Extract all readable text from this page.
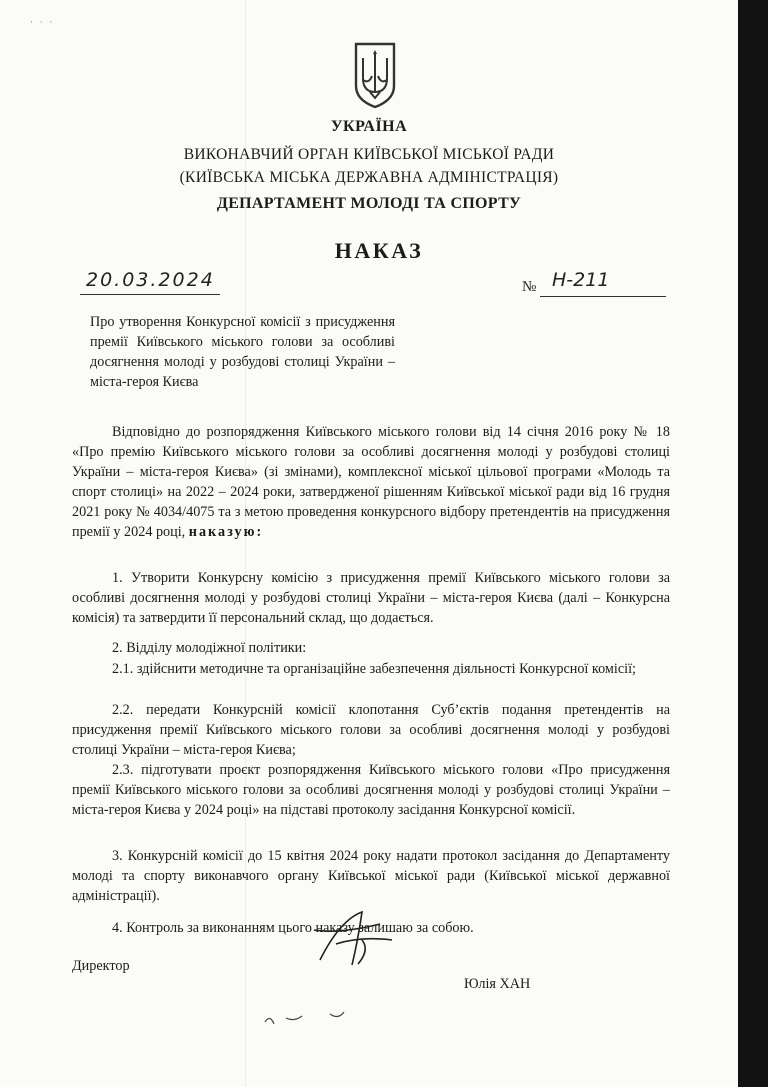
· · ·
УКРАЇНА
ВИКОНАВЧИЙ ОРГАН КИЇВСЬКОЇ МІСЬКОЇ РАДИ
(КИЇВСЬКА МІСЬКА ДЕРЖАВНА АДМІНІСТРАЦІЯ)
ДЕПАРТАМЕНТ МОЛОДІ ТА СПОРТУ
НАКАЗ
20.03.2024	№ Н-211
Про утворення Конкурсної комісії з присудження премії Київського міського голови за особливі досягнення молоді у розбудові столиці України – міста-героя Києва
Відповідно до розпорядження Київського міського голови від 14 січня 2016 року № 18 «Про премію Київського міського голови за особливі досягнення молоді у розбудові столиці України – міста-героя Києва» (зі змінами), комплексної міської цільової програми «Молодь та спорт столиці» на 2022 – 2024 роки, затвердженої рішенням Київської міської ради від 16 грудня 2021 року № 4034/4075 та з метою проведення конкурсного відбору претендентів на присудження премії у 2024 році, наказую:
1. Утворити Конкурсну комісію з присудження премії Київського міського голови за особливі досягнення молоді у розбудові столиці України – міста-героя Києва (далі – Конкурсна комісія) та затвердити її персональний склад, що додається.
2. Відділу молодіжної політики:
2.1. здійснити методичне та організаційне забезпечення діяльності Конкурсної комісії;
2.2. передати Конкурсній комісії клопотання Суб’єктів подання претендентів на присудження премії Київського міського голови за особливі досягнення молоді у розбудові столиці України – міста-героя Києва;
2.3. підготувати проєкт розпорядження Київського міського голови «Про присудження премії Київського міського голови за особливі досягнення молоді у розбудові столиці України – міста-героя Києва у 2024 році» на підставі протоколу засідання Конкурсної комісії.
3. Конкурсній комісії до 15 квітня 2024 року надати протокол засідання до Департаменту молоді та спорту виконавчого органу Київської міської ради (Київської міської державної адміністрації).
4. Контроль за виконанням цього наказу залишаю за собою.
Директор
Юлія ХАН
